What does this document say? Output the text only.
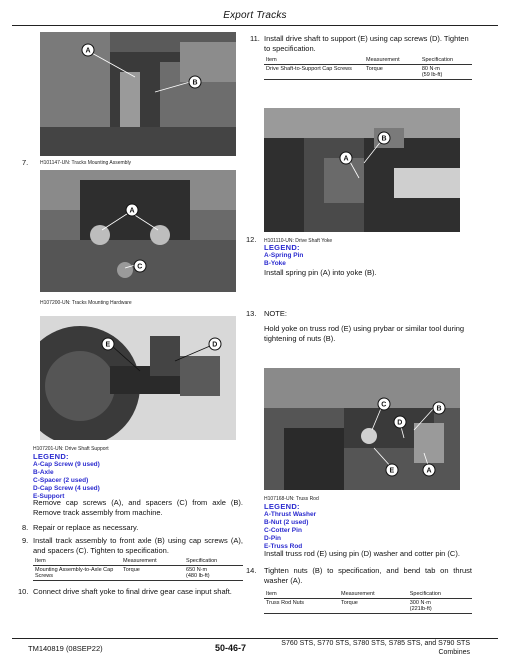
Export Tracks
A
B
7. H101147-UN: Tracks Mounting Assembly
A
C
H107200-UN: Tracks Mounting Hardware
E	D
H107201-UN: Drive Shaft Support
LEGEND:
A-Cap Screw (9 used)
B-Axle
C-Spacer (2 used)
D-Cap Screw (4 used)
E-Support
Remove cap screws (A), and spacers (C) from axle (B). Remove track assembly from machine.
8. Repair or replace as necessary.
9. Install track assembly to front axle (B) using cap screws (A), and spacers (C). Tighten to specification.
Item	Measurement	Specification
Mounting Assembly-to-Axle Cap Screws	Torque	650 N·m
(480 lb-ft)
10. Connect drive shaft yoke to final drive gear case input shaft.
11. Install drive shaft to support (E) using cap screws (D). Tighten to specification.
Item	Measurement	Specification
Drive Shaft-to-Support Cap Screws	Torque	80 N·m
(59 lb-ft)
A
B
12. H101110-UN: Drive Shaft Yoke
LEGEND:
A-Spring Pin
B-Yoke
Install spring pin (A) into yoke (B).
13. NOTE:
Hold yoke on truss rod (E) using prybar or similar tool during tightening of nuts (B).
C
B
D
E	A
H107168-UN: Truss Rod
LEGEND:
A-Thrust Washer
B-Nut (2 used)
C-Cotter Pin
D-Pin
E-Truss Rod
Install truss rod (E) using pin (D) washer and cotter pin (C).
14. Tighten nuts (B) to specification, and bend tab on thrust washer (A).
Item	Measurement	Specification
Truss Rod Nuts	Torque	300 N·m
(221lb-ft)
TM140819 (08SEP22)	50-46-7	S760 STS, S770 STS, S780 STS, S785 STS, and S790 STS
Combines
